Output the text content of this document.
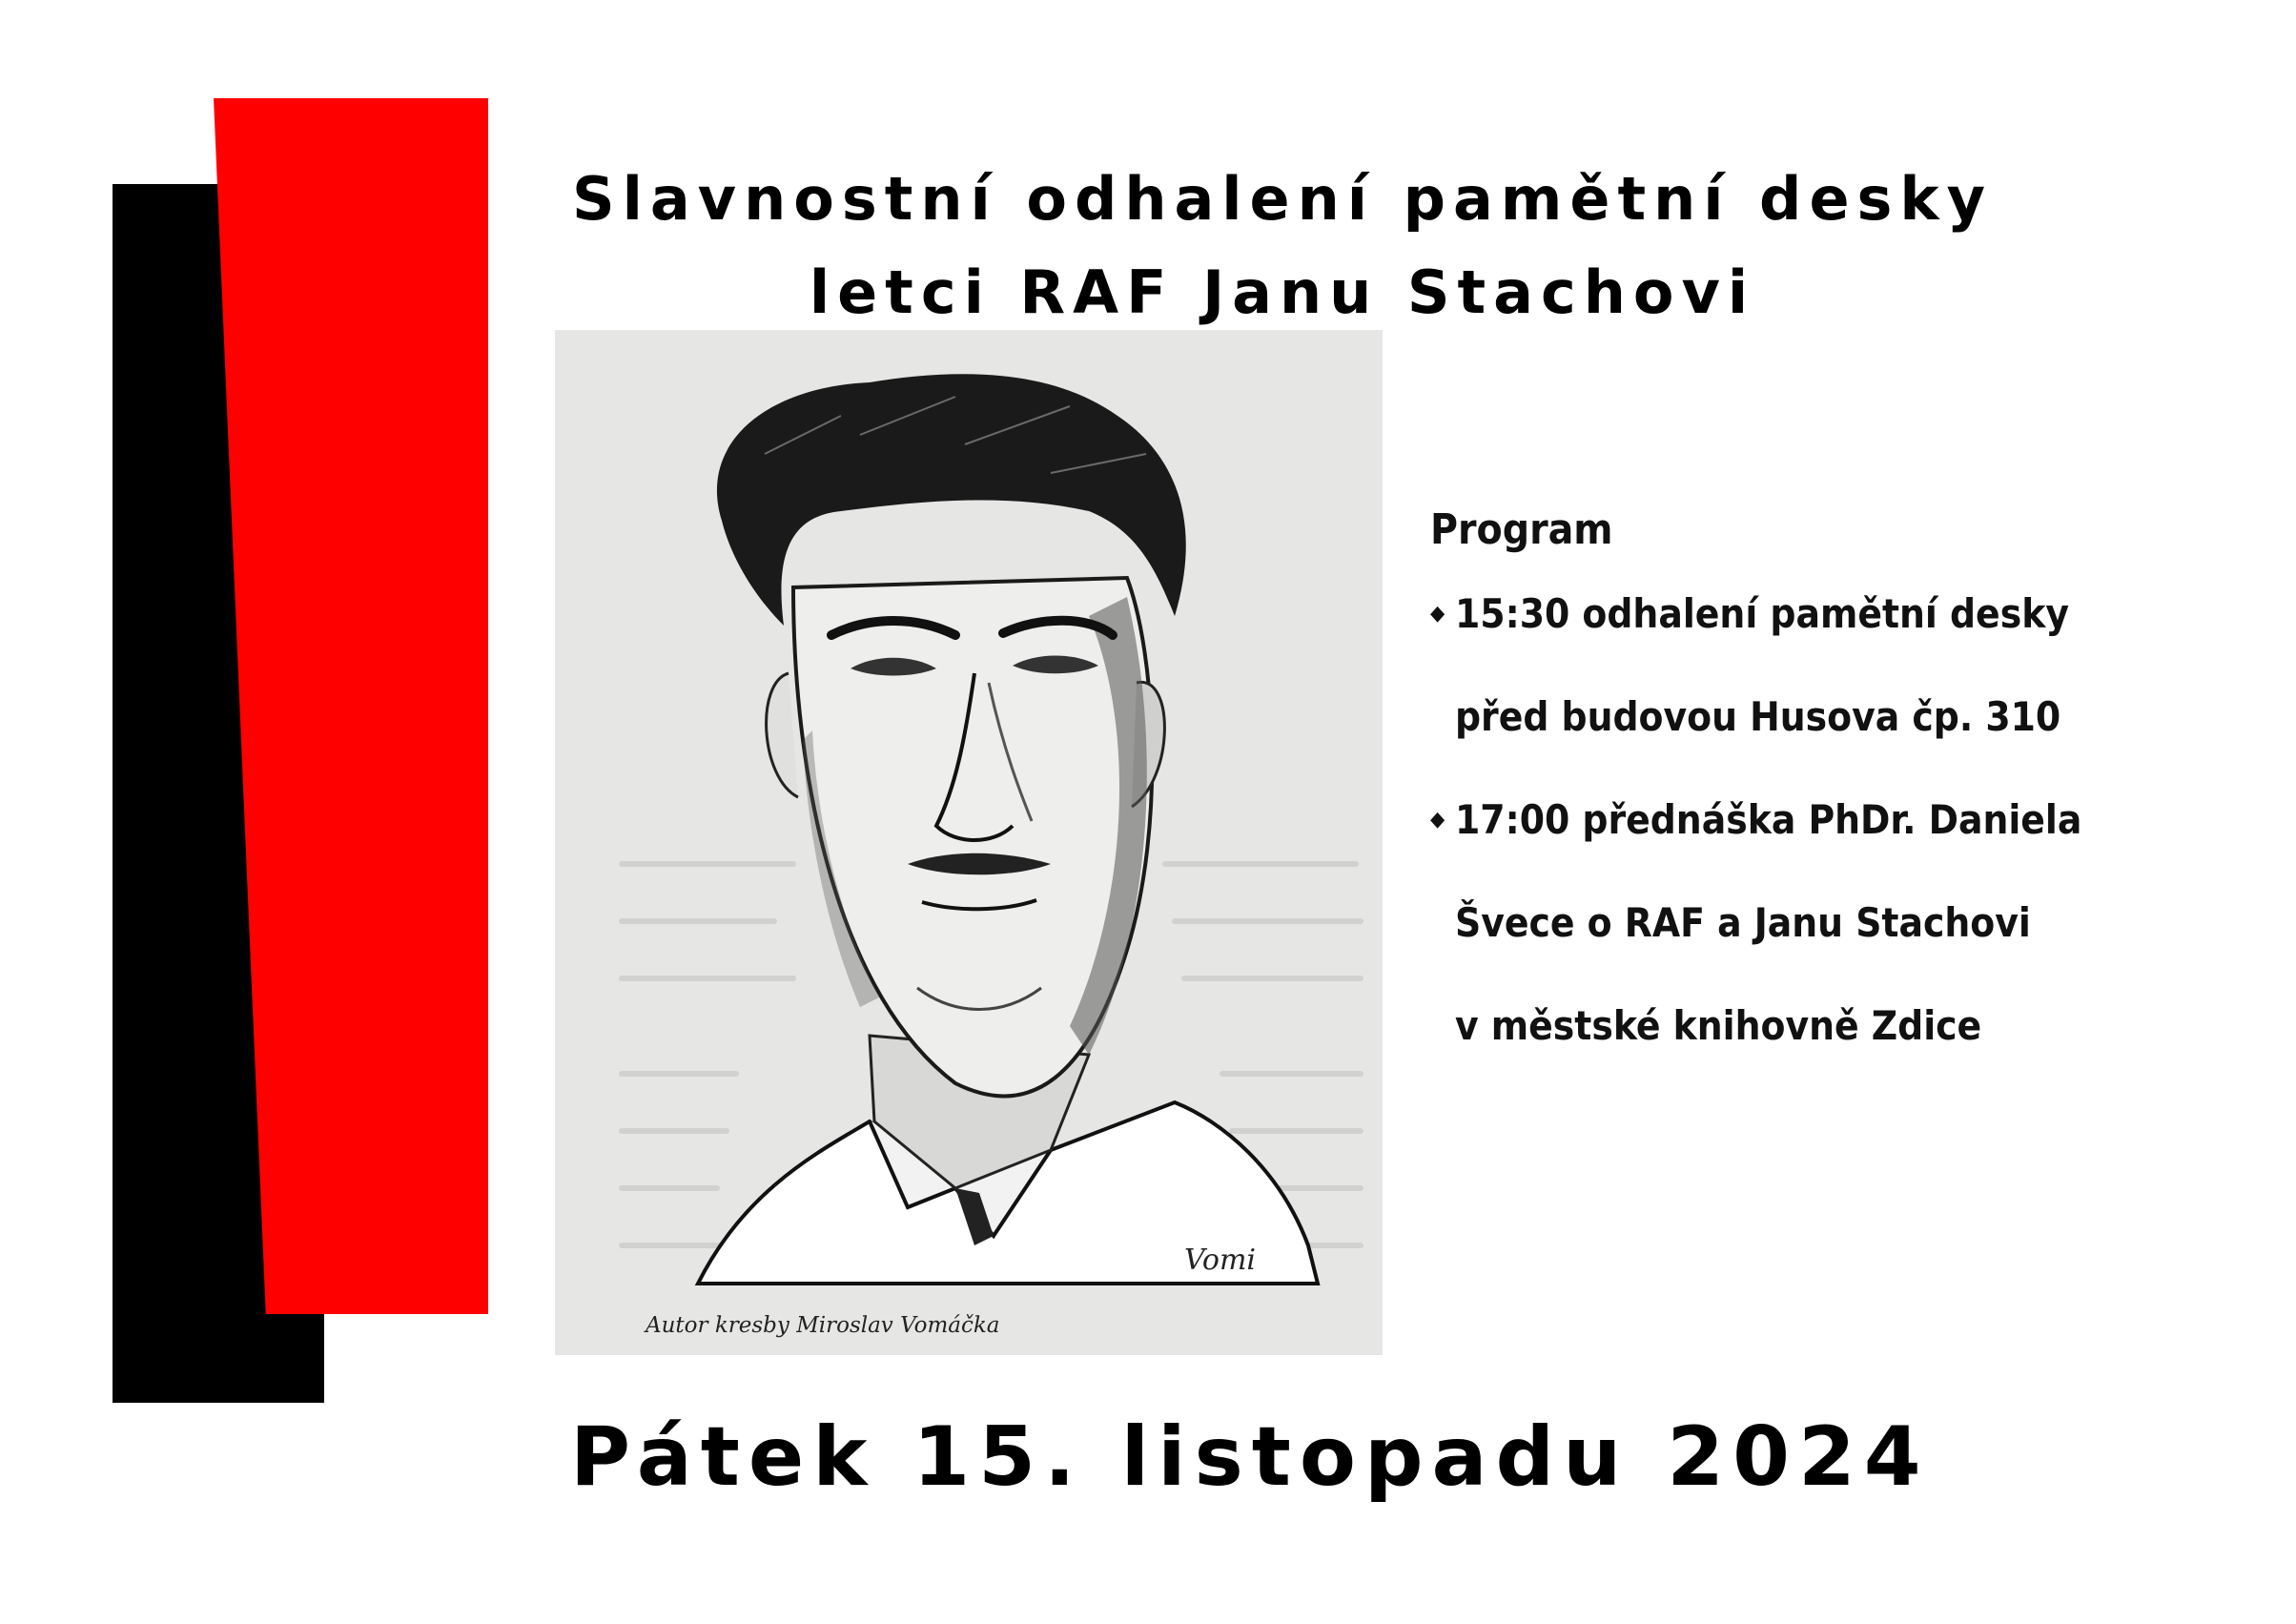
Slavnostní odhalení pamětní desky
letci RAF Janu Stachovi
Vomi
Autor kresby Miroslav Vomáčka
Program
◆ 15:30 odhalení pamětní desky
před budovou Husova čp. 310
◆ 17:00 přednáška PhDr. Daniela
Švece o RAF a Janu Stachovi
v městské knihovně Zdice
Pátek 15. listopadu 2024
